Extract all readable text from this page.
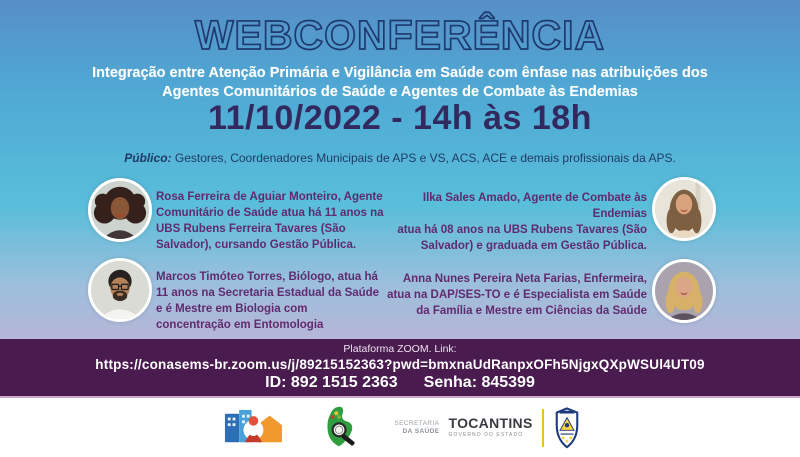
WEBCONFERÊNCIA
Integração entre Atenção Primária e Vigilância em Saúde com ênfase nas atribuições dos
Agentes Comunitários de Saúde e Agentes de Combate às Endemias
11/10/2022 - 14h às 18h
Público: Gestores, Coordenadores Municipais de APS e VS, ACS, ACE e demais profissionais da APS.
Rosa Ferreira de Aguiar Monteiro, Agente
Comunitário de Saúde atua há 11 anos na
UBS Rubens Ferreira Tavares (São
Salvador), cursando Gestão Pública.
Ilka Sales Amado, Agente de Combate às Endemias
atua há 08 anos na UBS Rubens Tavares (São
Salvador) e graduada em Gestão Pública.
Marcos Timóteo Torres, Biólogo, atua há
11 anos na Secretaria Estadual da Saúde
e é Mestre em Biologia com
concentração em Entomologia
Anna Nunes Pereira Neta Farias, Enfermeira,
atua na DAP/SES-TO e é Especialista em Saúde
da Família e Mestre em Ciências da Saúde
Plataforma ZOOM. Link:
https://conasems-br.zoom.us/j/89215152363?pwd=bmxnaUdRanpxOFh5NjgxQXpWSUl4UT09
ID: 892 1515 2363 Senha: 845399
SECRETARIA
DA SAÚDE TOCANTINS
GOVERNO DO ESTADO
